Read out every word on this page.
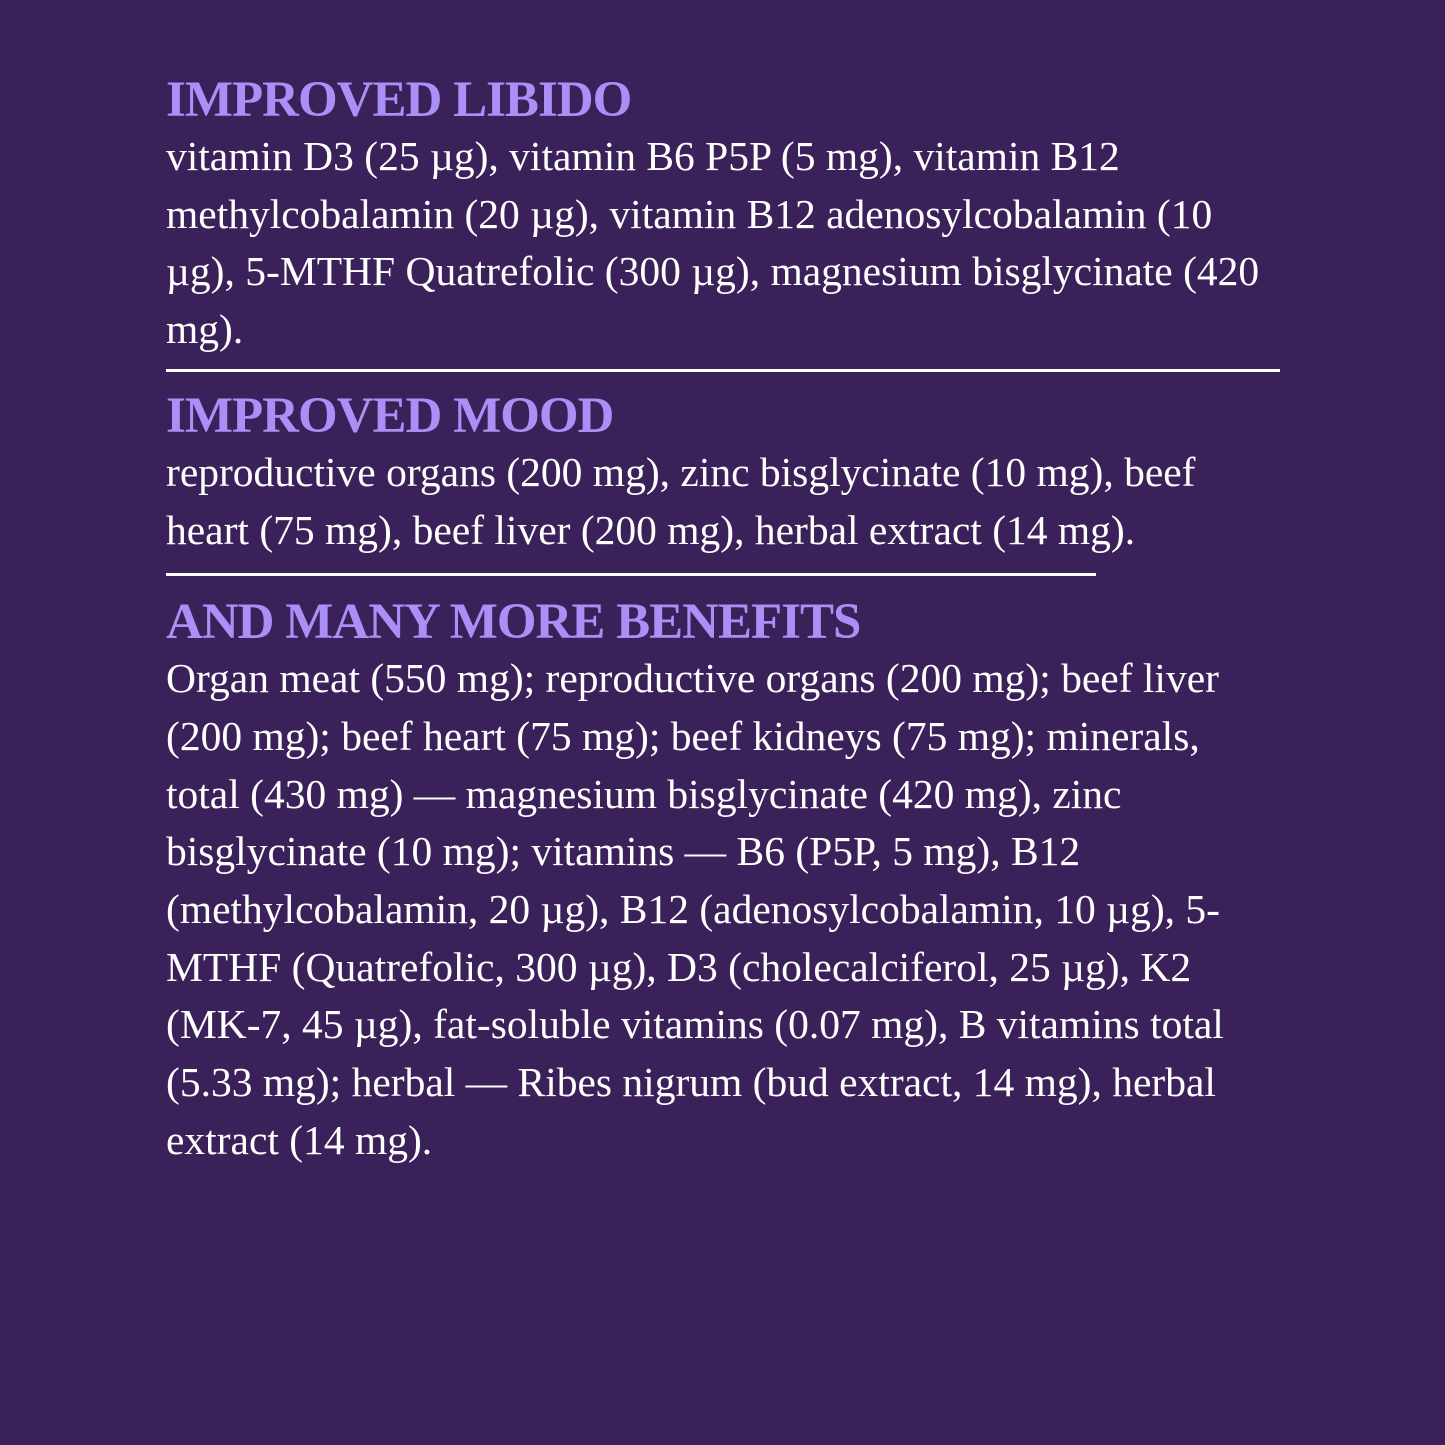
IMPROVED LIBIDO

vitamin D3 (25 µg), vitamin B6 P5P (5 mg), vitamin B12 methylcobalamin (20 µg), vitamin B12 adenosylcobalamin (10 µg), 5-MTHF Quatrefolic (300 µg), magnesium bisglycinate (420 mg).

IMPROVED MOOD

reproductive organs (200 mg), zinc bisglycinate (10 mg), beef heart (75 mg), beef liver (200 mg), herbal extract (14 mg).

AND MANY MORE BENEFITS

Organ meat (550 mg); reproductive organs (200 mg); beef liver (200 mg); beef heart (75 mg); beef kidneys (75 mg); minerals, total (430 mg) — magnesium bisglycinate (420 mg), zinc bisglycinate (10 mg); vitamins — B6 (P5P, 5 mg), B12 (methylcobalamin, 20 µg), B12 (adenosylcobalamin, 10 µg), 5-MTHF (Quatrefolic, 300 µg), D3 (cholecalciferol, 25 µg), K2 (MK-7, 45 µg), fat-soluble vitamins (0.07 mg), B vitamins total (5.33 mg); herbal — Ribes nigrum (bud extract, 14 mg), herbal extract (14 mg).
